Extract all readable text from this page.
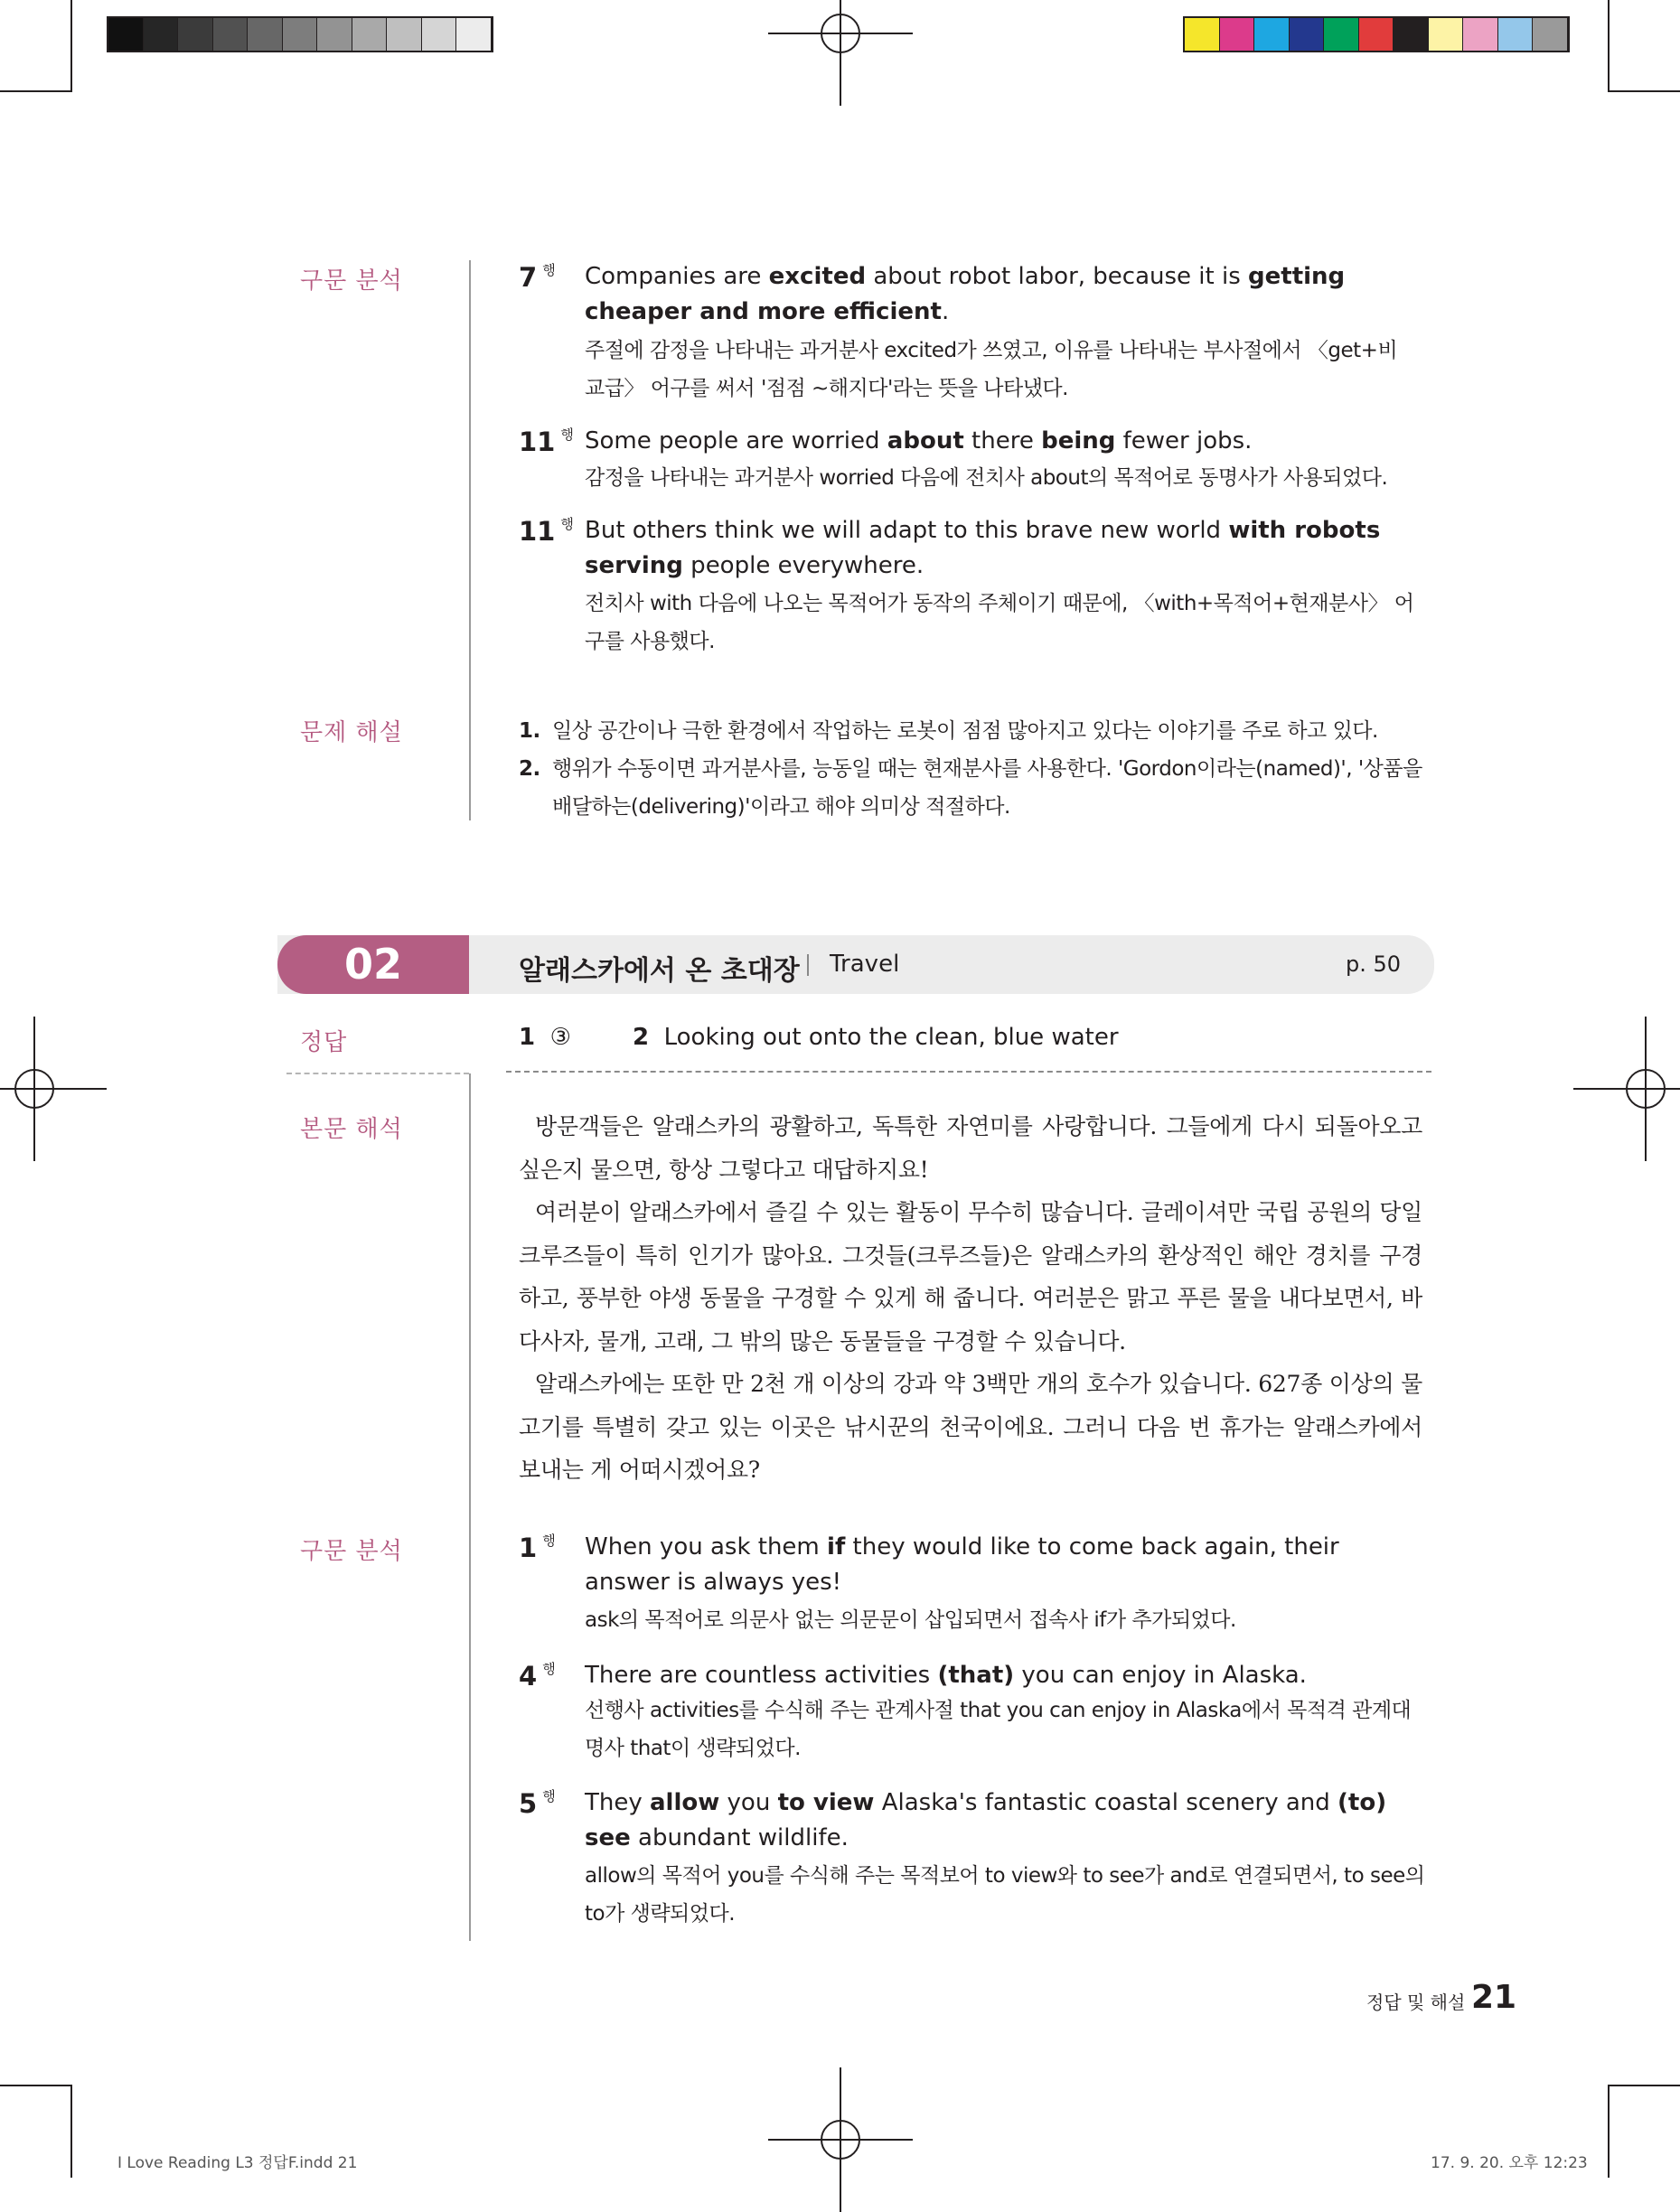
구문 분석	7 $^행$ Companies are excited about robot labor, because it is getting cheaper and more efficient.
주절에 감정을 나타내는 과거분사 excited가 쓰였고, 이유를 나타내는 부사절에서 〈get+비교급〉 어구를 써서 '점점 ~해지다'라는 뜻을 나타냈다.
11 $^행$ Some people are worried about there being fewer jobs.
감정을 나타내는 과거분사 worried 다음에 전치사 about의 목적어로 동명사가 사용되었다.
11 $^행$ But others think we will adapt to this brave new world with robots serving people everywhere.
전치사 with 다음에 나오는 목적어가 동작의 주체이기 때문에, 〈with+목적어+현재분사〉 어구를 사용했다.
문제 해설	1. 일상 공간이나 극한 환경에서 작업하는 로봇이 점점 많아지고 있다는 이야기를 주로 하고 있다.
2. 행위가 수동이면 과거분사를, 능동일 때는 현재분사를 사용한다. 'Gordon이라는(named)', '상품을
배달하는(delivering)'이라고 해야 의미상 적절하다.
02	알래스카에서 온 초대장 Travel	p. 50
정답	1 ③	2 Looking out onto the clean, blue water
본문 해석	방문객들은 알래스카의 광활하고, 독특한 자연미를 사랑합니다. 그들에게 다시 되돌아오고 싶은지 물으면, 항상 그렇다고 대답하지요!

여러분이 알래스카에서 즐길 수 있는 활동이 무수히 많습니다. 글레이셔만 국립 공원의 당일 크루즈들이 특히 인기가 많아요. 그것들(크루즈들)은 알래스카의 환상적인 해안 경치를 구경하고, 풍부한 야생 동물을 구경할 수 있게 해 줍니다. 여러분은 맑고 푸른 물을 내다보면서, 바다사자, 물개, 고래, 그 밖의 많은 동물들을 구경할 수 있습니다.

알래스카에는 또한 만 2천 개 이상의 강과 약 3백만 개의 호수가 있습니다. 627종 이상의 물고기를 특별히 갖고 있는 이곳은 낚시꾼의 천국이에요. 그러니 다음 번 휴가는 알래스카에서 보내는 게 어떠시겠어요?

구문 분석	1 $^행$ When you ask them if they would like to come back again, their answer is always yes!
ask의 목적어로 의문사 없는 의문문이 삽입되면서 접속사 if가 추가되었다.
4 $^행$ There are countless activities (that) you can enjoy in Alaska.
선행사 activities를 수식해 주는 관계사절 that you can enjoy in Alaska에서 목적격 관계대명사 that이 생략되었다.
5 $^행$ They allow you to view Alaska's fantastic coastal scenery and (to) see abundant wildlife.
allow의 목적어 you를 수식해 주는 목적보어 to view와 to see가 and로 연결되면서, to see의 to가 생략되었다.
정답 및 해설 21
I Love Reading L3 정답F.indd 21	17. 9. 20. 오후 12:23
